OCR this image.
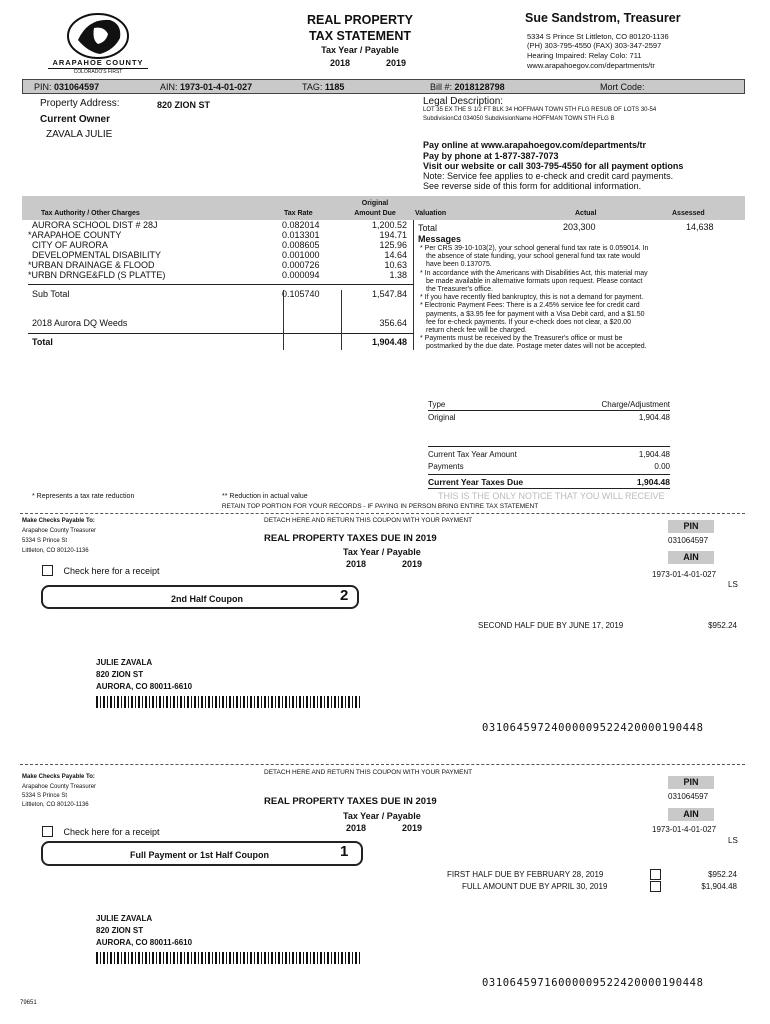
ARAPAHOE COUNTY
COLORADO'S FIRST
REAL PROPERTY
TAX STATEMENT
Tax Year / Payable
2018	2019
Sue Sandstrom, Treasurer
5334 S Prince St Littleton, CO 80120-1136
(PH) 303-795-4550 (FAX) 303-347-2597
Hearing Impaired: Relay Colo: 711
www.arapahoegov.com/departments/tr
PIN: 031064597	AIN: 1973-01-4-01-027	TAG: 1185	Bill #: 2018128798	Mort Code:
Property Address:	820 ZION ST
Current Owner
ZAVALA JULIE
Legal Description:
LOT 35 EX THE S 1/2 FT BLK 34 HOFFMAN TOWN 5TH FLG RESUB OF LOTS 30-54
SubdivisionCd 034050 SubdivisionName HOFFMAN TOWN 5TH FLG B
Pay online at www.arapahoegov.com/departments/tr
Pay by phone at 1-877-387-7073
Visit our website or call 303-795-4550 for all payment options
Note: Service fee applies to e-check and credit card payments.
See reverse side of this form for additional information.
Tax Authority / Other Charges	Tax Rate
Original
Amount Due	Valuation	Actual	Assessed
AURORA SCHOOL DIST # 28J	0.082014	1,200.52
*ARAPAHOE COUNTY	0.013301	194.71
CITY OF AURORA	0.008605	125.96
DEVELOPMENTAL DISABILITY	0.001000	14.64
*URBAN DRAINAGE & FLOOD	0.000726	10.63
*URBN DRNGE&FLD (S PLATTE)	0.000094	1.38
Sub Total	0.105740	1,547.84
2018 Aurora DQ Weeds	356.64
Total	1,904.48
Total	203,300	14,638
Messages
* Per CRS 39-10-103(2), your school general fund tax rate is 0.059014. In
the absence of state funding, your school general fund tax rate would
have been 0.137075.
* In accordance with the Americans with Disabilities Act, this material may
be made available in alternative formats upon request. Please contact
the Treasurer's office.
* If you have recently filed bankruptcy, this is not a demand for payment.
* Electronic Payment Fees: There is a 2.45% service fee for credit card
payments, a $3.95 fee for payment with a Visa Debit card, and a $1.50
fee for e-check payments. If your e-check does not clear, a $20.00
return check fee will be charged.
* Payments must be received by the Treasurer's office or must be
postmarked by the due date. Postage meter dates will not be accepted.
Type	Charge/Adjustment
Original	1,904.48
Current Tax Year Amount	1,904.48
Payments	0.00
Current Year Taxes Due	1,904.48
* Represents a tax rate reduction	** Reduction in actual value	THIS IS THE ONLY NOTICE THAT YOU WILL RECEIVE
RETAIN TOP PORTION FOR YOUR RECORDS - IF PAYING IN PERSON BRING ENTIRE TAX STATEMENT
Make Checks Payable To:
Arapahoe County Treasurer
5334 S Prince St
Littleton, CO 80120-1136
DETACH HERE AND RETURN THIS COUPON WITH YOUR PAYMENT
REAL PROPERTY TAXES DUE IN 2019
Tax Year / Payable
2018	2019
PIN
031064597
AIN
1973-01-4-01-027
LS
Check here for a receipt
2nd Half Coupon	2
SECOND HALF DUE BY JUNE 17, 2019	$952.24
JULIE ZAVALA
820 ZION ST
AURORA, CO 80011-6610
03106459724000009522420000190448
DETACH HERE AND RETURN THIS COUPON WITH YOUR PAYMENT
Make Checks Payable To:
Arapahoe County Treasurer
5334 S Prince St
Littleton, CO 80120-1136	REAL PROPERTY TAXES DUE IN 2019
Tax Year / Payable
2018	2019
PIN
031064597
AIN
1973-01-4-01-027
LS
Check here for a receipt
Full Payment or 1st Half Coupon	1
FIRST HALF DUE BY FEBRUARY 28, 2019	$952.24
FULL AMOUNT DUE BY APRIL 30, 2019	$1,904.48
JULIE ZAVALA
820 ZION ST
AURORA, CO 80011-6610
03106459716000009522420000190448
79651
